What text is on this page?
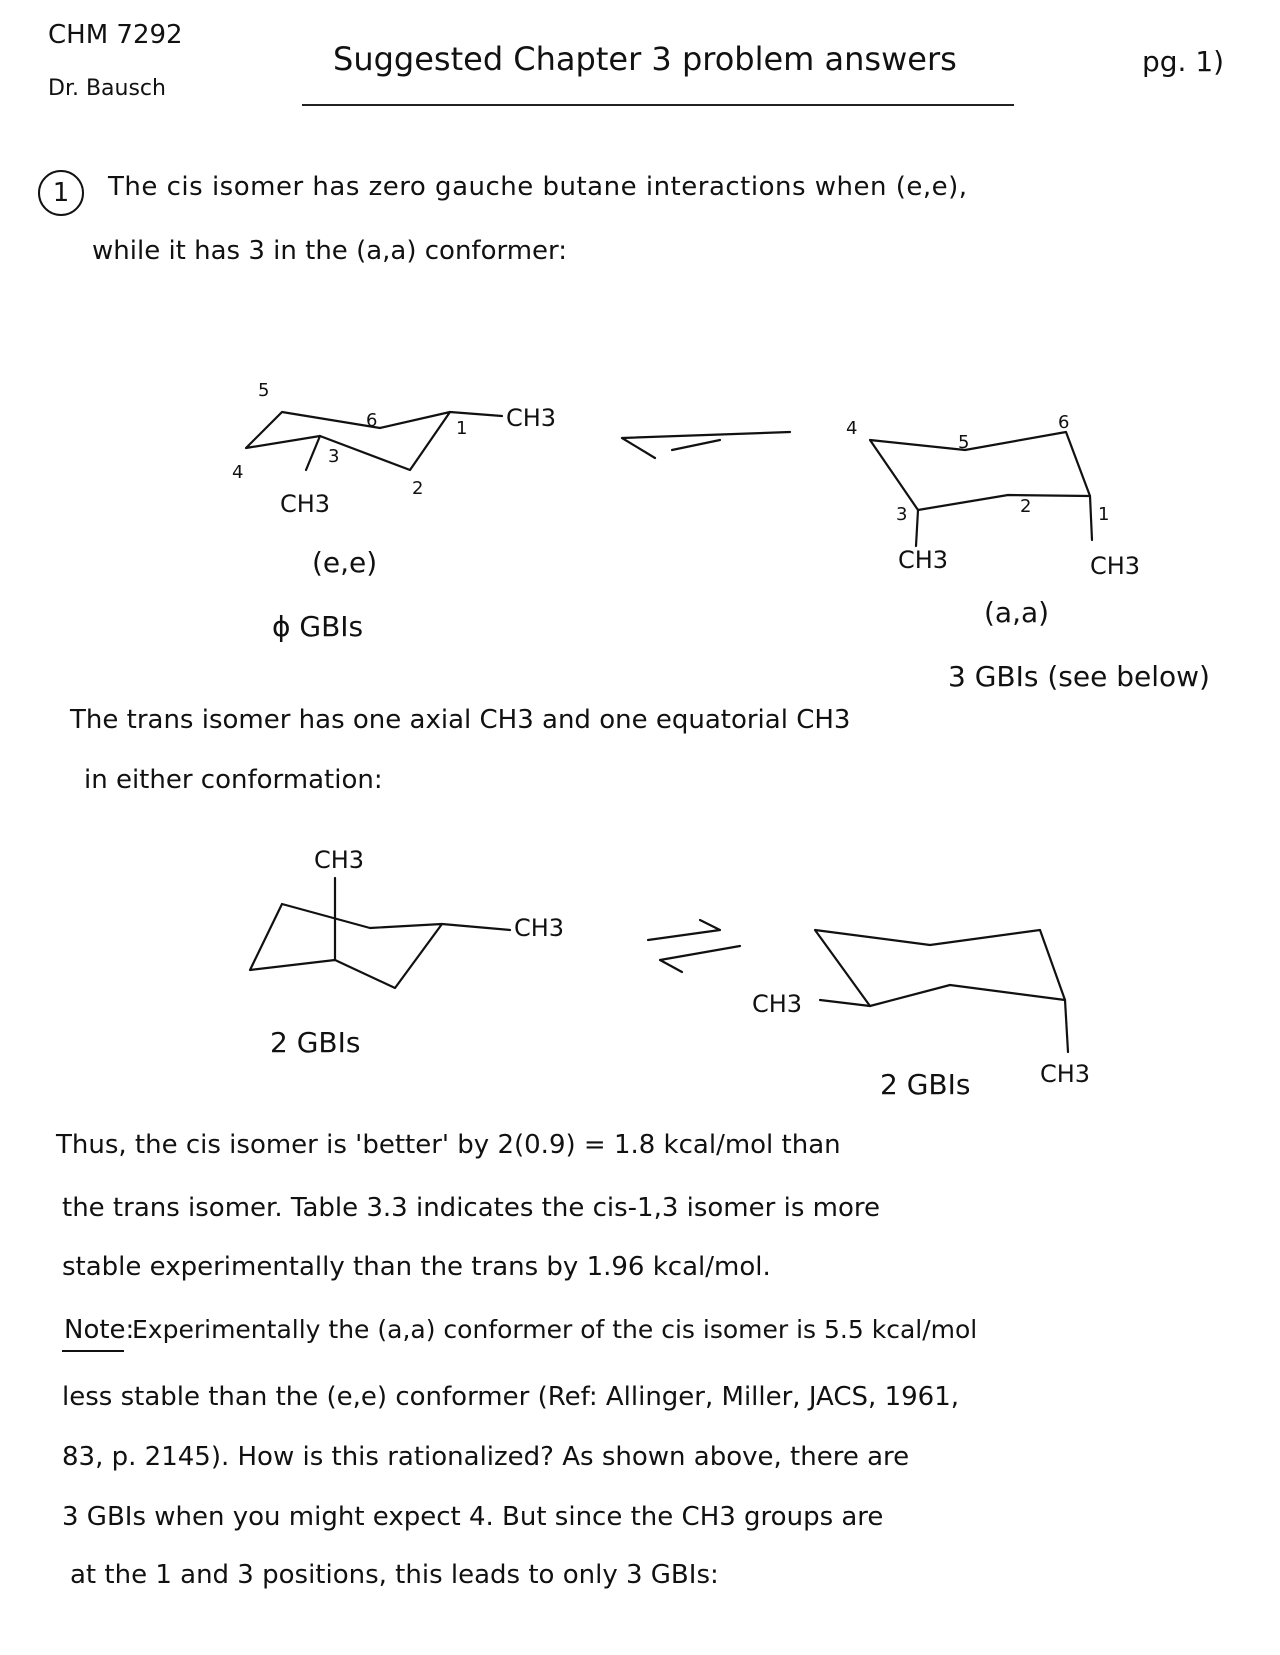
CHM 7292
Dr. Bausch
Suggested Chapter 3 problem answers	pg. 1)
1	The cis isomer has zero gauche butane interactions when (e,e),
while it has 3 in the (a,a) conformer:
5
6	1
3
4
2
CH3
CH3
(e,e)
ϕ GBIs
4
5
6
3	2	1
CH3	CH3
(a,a)
3 GBIs (see below)
The trans isomer has one axial CH3 and one equatorial CH3
in either conformation:
CH3
CH3
2 GBIs
CH3
CH3
2 GBIs
Thus, the cis isomer is 'better' by 2(0.9) = 1.8 kcal/mol than
the trans isomer. Table 3.3 indicates the cis-1,3 isomer is more
stable experimentally than the trans by 1.96 kcal/mol.
Note:
Experimentally the (a,a) conformer of the cis isomer is 5.5 kcal/mol
less stable than the (e,e) conformer (Ref: Allinger, Miller, JACS, 1961,
83, p. 2145). How is this rationalized? As shown above, there are
3 GBIs when you might expect 4. But since the CH3 groups are
at the 1 and 3 positions, this leads to only 3 GBIs:
